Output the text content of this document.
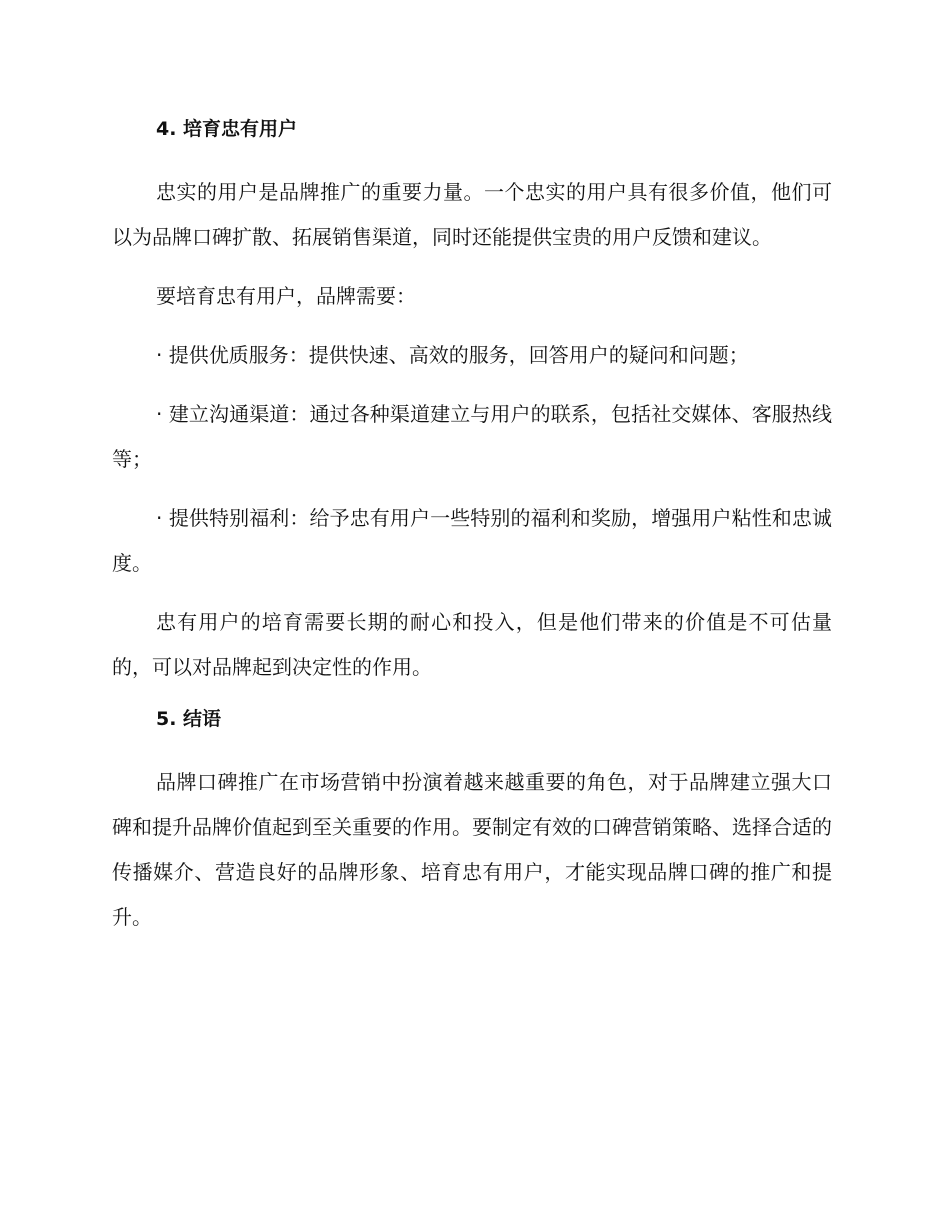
4. 培育忠有用户

忠实的用户是品牌推广的重要力量。一个忠实的用户具有很多价值，他们可以为品牌口碑扩散、拓展销售渠道，同时还能提供宝贵的用户反馈和建议。

要培育忠有用户，品牌需要：

· 提供优质服务：提供快速、高效的服务，回答用户的疑问和问题；

· 建立沟通渠道：通过各种渠道建立与用户的联系，包括社交媒体、客服热线等；

· 提供特别福利：给予忠有用户一些特别的福利和奖励，增强用户粘性和忠诚度。

忠有用户的培育需要长期的耐心和投入，但是他们带来的价值是不可估量的，可以对品牌起到决定性的作用。

5. 结语

品牌口碑推广在市场营销中扮演着越来越重要的角色，对于品牌建立强大口碑和提升品牌价值起到至关重要的作用。要制定有效的口碑营销策略、选择合适的传播媒介、营造良好的品牌形象、培育忠有用户，才能实现品牌口碑的推广和提升。
